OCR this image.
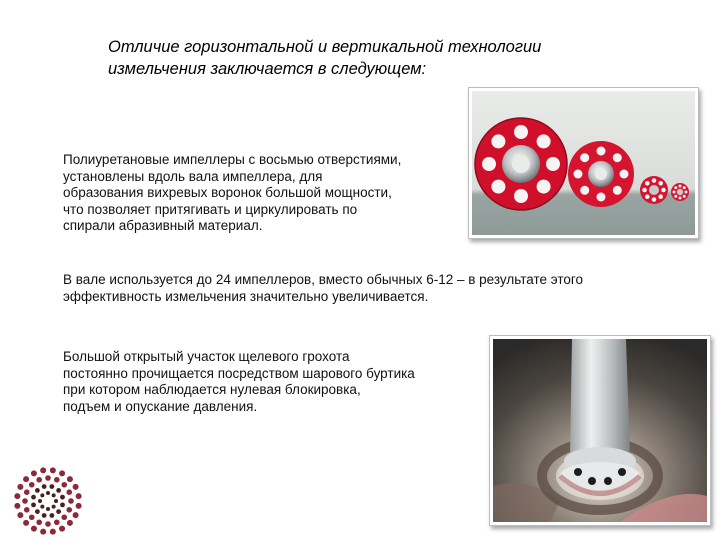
Отличие горизонтальной и вертикальной технологии
измельчения заключается в следующем:
Полиуретановые импеллеры с восьмью отверстиями,
установлены вдоль вала импеллера, для
образования вихревых воронок большой мощности,
что позволяет притягивать и циркулировать по
спирали абразивный материал.
В вале используется до 24 импеллеров, вместо обычных 6-12 – в результате этого
эффективность измельчения значительно увеличивается.
Большой открытый участок щелевого грохота
постоянно прочищается посредством шарового буртика
при котором наблюдается нулевая блокировка,
подъем и опускание давления.
